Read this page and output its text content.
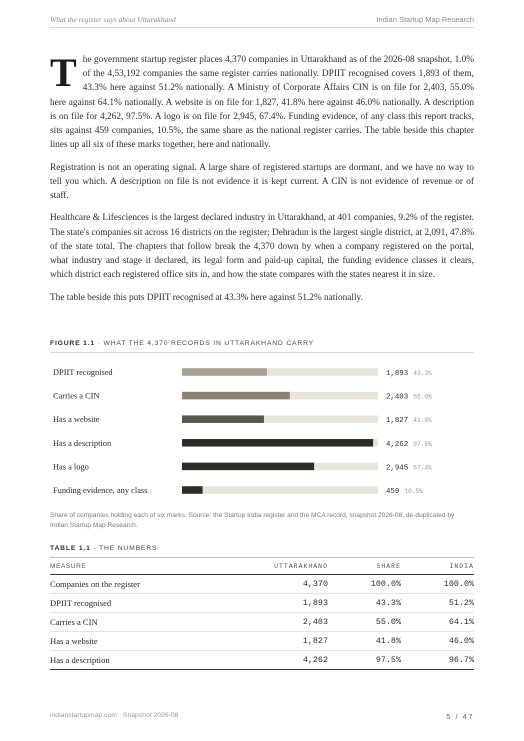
What the register says about Uttarakhand	Indian Startup Map Research

The government startup register places 4,370 companies in Uttarakhand as of the 2026-08 snapshot, 1.0% of the 4,53,192 companies the same register carries nationally. DPIIT recognised covers 1,893 of them, 43.3% here against 51.2% nationally. A Ministry of Corporate Affairs CIN is on file for 2,403, 55.0% here against 64.1% nationally. A website is on file for 1,827, 41.8% here against 46.0% nationally. A description is on file for 4,262, 97.5%. A logo is on file for 2,945, 67.4%. Funding evidence, of any class this report tracks, sits against 459 companies, 10.5%, the same share as the national register carries. The table beside this chapter lines up all six of these marks together, here and nationally.

Registration is not an operating signal. A large share of registered startups are dormant, and we have no way to tell you which. A description on file is not evidence it is kept current. A CIN is not evidence of revenue or of staff.

Healthcare & Lifesciences is the largest declared industry in Uttarakhand, at 401 companies, 9.2% of the register. The state's companies sit across 16 districts on the register; Dehradun is the largest single district, at 2,091, 47.8% of the state total. The chapters that follow break the 4,370 down by when a company registered on the portal, what industry and stage it declared, its legal form and paid-up capital, the funding evidence classes it clears, which district each registered office sits in, and how the state compares with the states nearest it in size.

The table beside this puts DPIIT recognised at 43.3% here against 51.2% nationally.

FIGURE 1.1 · WHAT THE 4,370 RECORDS IN UTTARAKHAND CARRY
DPIIT recognised	1,893 43.3%
Carries a CIN	2,403 55.0%
Has a website	1,827 41.8%
Has a description	4,262 97.5%
Has a logo	2,945 67.4%
Funding evidence, any class	459 10.5%
Share of companies holding each of six marks. Source: the Startup India register and the MCA record, snapshot 2026-08, de-duplicated by Indian Startup Map Research.
TABLE 1.1 · THE NUMBERS
MEASURE	UTTARAKHAND	SHARE	INDIA
Companies on the register	4,370	100.0%	100.0%
DPIIT recognised	1,893	43.3%	51.2%
Carries a CIN	2,403	55.0%	64.1%
Has a website	1,827	41.8%	46.0%
Has a description	4,262	97.5%	96.7%
indianstartupmap.com · Snapshot 2026-08	5 / 47
